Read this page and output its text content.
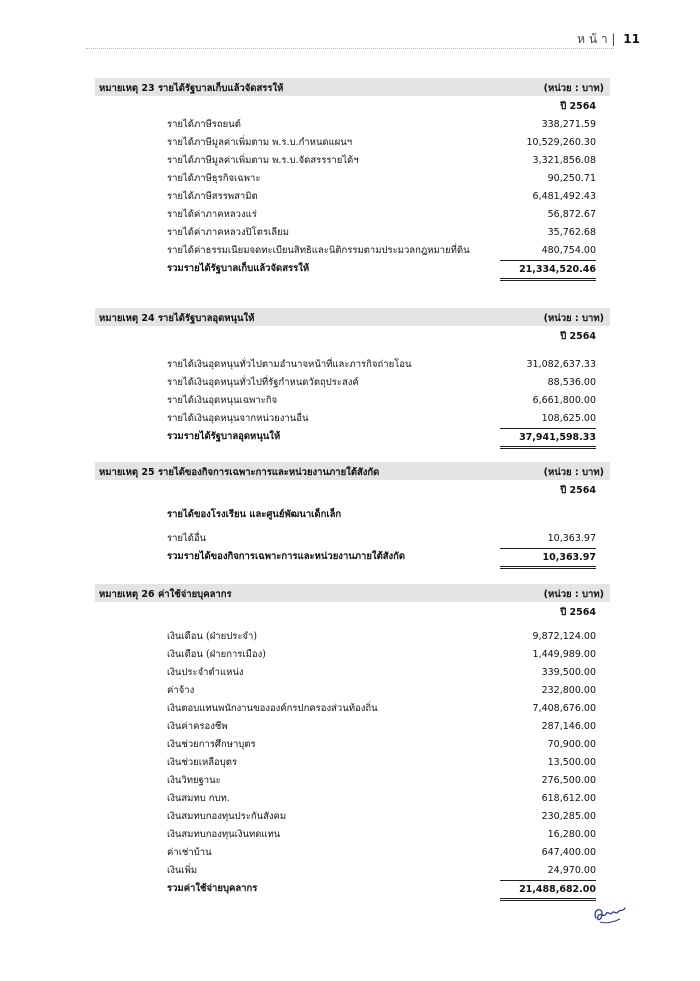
ห น้ า | 11
หมายเหตุ 23 รายได้รัฐบาลเก็บแล้วจัดสรรให้	(หน่วย : บาท)
ปี 2564
รายได้ภาษีรถยนต์	338,271.59
รายได้ภาษีมูลค่าเพิ่มตาม พ.ร.บ.กำหนดแผนฯ	10,529,260.30
รายได้ภาษีมูลค่าเพิ่มตาม พ.ร.บ.จัดสรรรายได้ฯ	3,321,856.08
รายได้ภาษีธุรกิจเฉพาะ	90,250.71
รายได้ภาษีสรรพสามิต	6,481,492.43
รายได้ค่าภาคหลวงแร่	56,872.67
รายได้ค่าภาคหลวงปิโตรเลียม	35,762.68
รายได้ค่าธรรมเนียมจดทะเบียนสิทธิและนิติกรรมตามประมวลกฎหมายที่ดิน	480,754.00
รวมรายได้รัฐบาลเก็บแล้วจัดสรรให้	21,334,520.46
หมายเหตุ 24 รายได้รัฐบาลอุดหนุนให้	(หน่วย : บาท)
ปี 2564
รายได้เงินอุดหนุนทั่วไปตามอำนาจหน้าที่และภารกิจถ่ายโอน	31,082,637.33
รายได้เงินอุดหนุนทั่วไปที่รัฐกำหนดวัตถุประสงค์	88,536.00
รายได้เงินอุดหนุนเฉพาะกิจ	6,661,800.00
รายได้เงินอุดหนุนจากหน่วยงานอื่น	108,625.00
รวมรายได้รัฐบาลอุดหนุนให้	37,941,598.33
หมายเหตุ 25 รายได้ของกิจการเฉพาะการและหน่วยงานภายใต้สังกัด	(หน่วย : บาท)
ปี 2564
รายได้ของโรงเรียน และศูนย์พัฒนาเด็กเล็ก
รายได้อื่น	10,363.97
รวมรายได้ของกิจการเฉพาะการและหน่วยงานภายใต้สังกัด	10,363.97
หมายเหตุ 26 ค่าใช้จ่ายบุคลากร	(หน่วย : บาท)
ปี 2564
เงินเดือน (ฝ่ายประจำ)	9,872,124.00
เงินเดือน (ฝ่ายการเมือง)	1,449,989.00
เงินประจำตำแหน่ง	339,500.00
ค่าจ้าง	232,800.00
เงินตอบแทนพนักงานขององค์กรปกครองส่วนท้องถิ่น	7,408,676.00
เงินค่าครองชีพ	287,146.00
เงินช่วยการศึกษาบุตร	70,900.00
เงินช่วยเหลือบุตร	13,500.00
เงินวิทยฐานะ	276,500.00
เงินสมทบ กบท.	618,612.00
เงินสมทบกองทุนประกันสังคม	230,285.00
เงินสมทบกองทุนเงินทดแทน	16,280.00
ค่าเช่าบ้าน	647,400.00
เงินเพิ่ม	24,970.00
รวมค่าใช้จ่ายบุคลากร	21,488,682.00
